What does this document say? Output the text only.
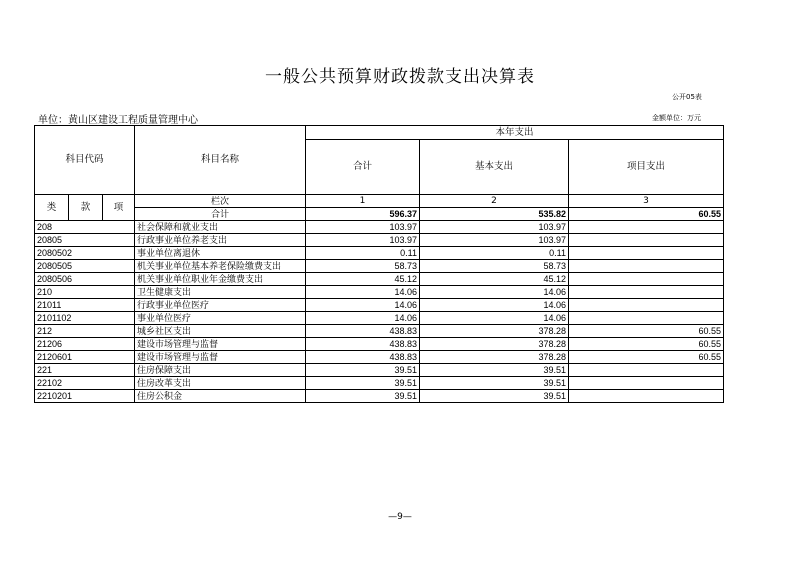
一般公共预算财政拨款支出决算表
公开05表
单位：黄山区建设工程质量管理中心	金额单位：万元
科目代码			科目名称	本年支出		
				合计	基本支出	项目支出

类	款	项	栏次	1	2	3
			合计	596.37	535.82	60.55
208			社会保障和就业支出	103.97	103.97	
20805			行政事业单位养老支出	103.97	103.97	
2080502			事业单位离退休	0.11	0.11	
2080505			机关事业单位基本养老保险缴费支出	58.73	58.73	
2080506			机关事业单位职业年金缴费支出	45.12	45.12	
210			卫生健康支出	14.06	14.06	
21011			行政事业单位医疗	14.06	14.06	
2101102			事业单位医疗	14.06	14.06	
212			城乡社区支出	438.83	378.28	60.55
21206			建设市场管理与监督	438.83	378.28	60.55
2120601			建设市场管理与监督	438.83	378.28	60.55
221			住房保障支出	39.51	39.51	
22102			住房改革支出	39.51	39.51	
2210201			住房公积金	39.51	39.51	
—9—
